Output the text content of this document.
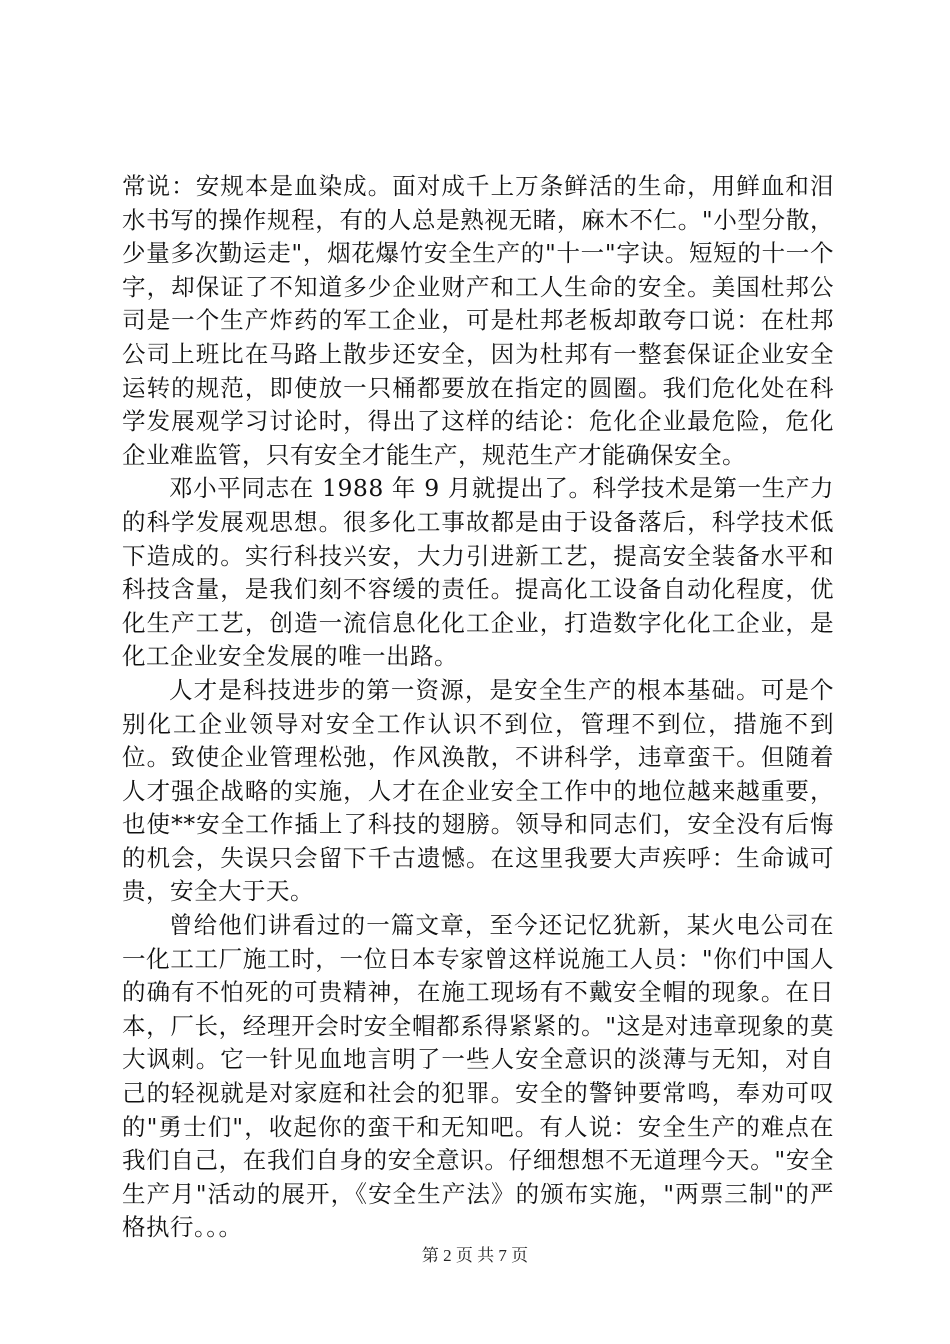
常说：安规本是血染成。面对成千上万条鲜活的生命，用鲜血和泪水书写的操作规程，有的人总是熟视无睹，麻木不仁。"小型分散，少量多次勤运走"，烟花爆竹安全生产的"十一"字诀。短短的十一个字，却保证了不知道多少企业财产和工人生命的安全。美国杜邦公司是一个生产炸药的军工企业，可是杜邦老板却敢夸口说：在杜邦公司上班比在马路上散步还安全，因为杜邦有一整套保证企业安全运转的规范，即使放一只桶都要放在指定的圆圈。我们危化处在科学发展观学习讨论时，得出了这样的结论：危化企业最危险，危化企业难监管，只有安全才能生产，规范生产才能确保安全。

邓小平同志在 1988 年 9 月就提出了。科学技术是第一生产力的科学发展观思想。很多化工事故都是由于设备落后，科学技术低下造成的。实行科技兴安，大力引进新工艺，提高安全装备水平和科技含量，是我们刻不容缓的责任。提高化工设备自动化程度，优化生产工艺，创造一流信息化化工企业，打造数字化化工企业，是化工企业安全发展的唯一出路。

人才是科技进步的第一资源，是安全生产的根本基础。可是个别化工企业领导对安全工作认识不到位，管理不到位，措施不到位。致使企业管理松弛，作风涣散，不讲科学，违章蛮干。但随着人才强企战略的实施，人才在企业安全工作中的地位越来越重要，也使**安全工作插上了科技的翅膀。领导和同志们，安全没有后悔的机会，失误只会留下千古遗憾。在这里我要大声疾呼：生命诚可贵，安全大于天。

曾给他们讲看过的一篇文章，至今还记忆犹新，某火电公司在一化工工厂施工时，一位日本专家曾这样说施工人员："你们中国人的确有不怕死的可贵精神，在施工现场有不戴安全帽的现象。在日本，厂长，经理开会时安全帽都系得紧紧的。"这是对违章现象的莫大讽刺。它一针见血地言明了一些人安全意识的淡薄与无知，对自己的轻视就是对家庭和社会的犯罪。安全的警钟要常鸣，奉劝可叹的"勇士们"，收起你的蛮干和无知吧。有人说：安全生产的难点在我们自己，在我们自身的安全意识。仔细想想不无道理今天。"安全生产月"活动的展开，《安全生产法》的颁布实施，"两票三制"的严格执行。。。

第 2 页 共 7 页
